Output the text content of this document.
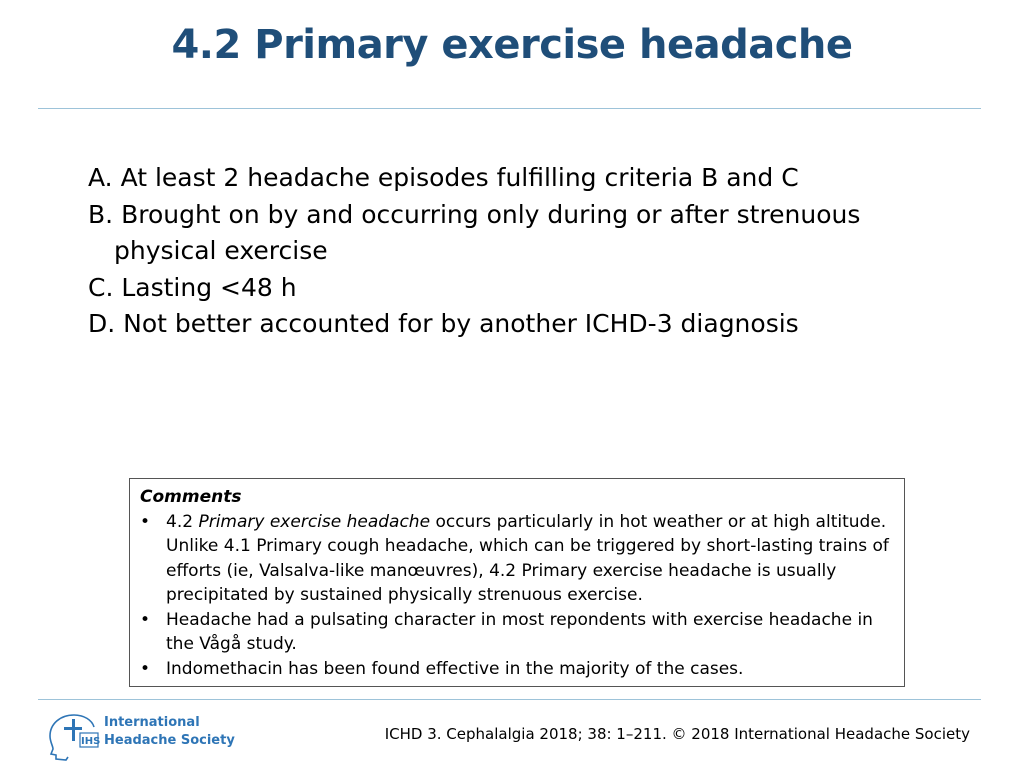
4.2 Primary exercise headache
A. At least 2 headache episodes fulfilling criteria B and C
B. Brought on by and occurring only during or after strenuous physical exercise
C. Lasting <48 h
D. Not better accounted for by another ICHD-3 diagnosis
Comments
• 4.2 Primary exercise headache occurs particularly in hot weather or at high altitude. Unlike 4.1 Primary cough headache, which can be triggered by short-lasting trains of efforts (ie, Valsalva-like manœuvres), 4.2 Primary exercise headache is usually precipitated by sustained physically strenuous exercise.
• Headache had a pulsating character in most repondents with exercise headache in the Vågå study.
• Indomethacin has been found effective in the majority of the cases.
IHS
International
Headache Society	ICHD 3. Cephalalgia 2018; 38: 1–211. © 2018 International Headache Society
